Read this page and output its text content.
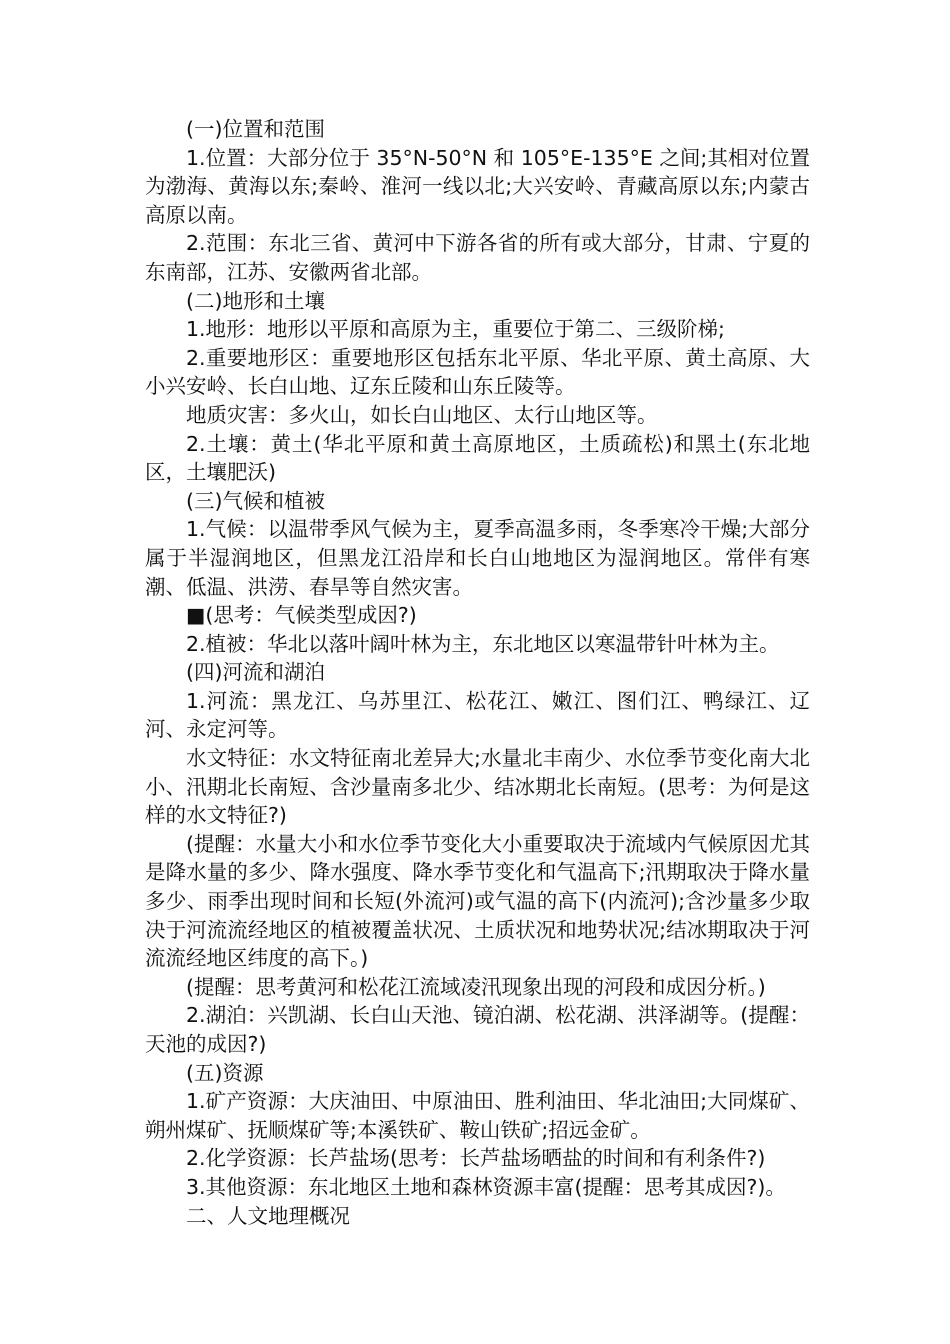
(一)位置和范围

1.位置：大部分位于 35°N-50°N 和 105°E-135°E 之间;其相对位置为渤海、黄海以东;秦岭、淮河一线以北;大兴安岭、青藏高原以东;内蒙古高原以南。

2.范围：东北三省、黄河中下游各省的所有或大部分，甘肃、宁夏的东南部，江苏、安徽两省北部。

(二)地形和土壤

1.地形：地形以平原和高原为主，重要位于第二、三级阶梯;

2.重要地形区：重要地形区包括东北平原、华北平原、黄土高原、大小兴安岭、长白山地、辽东丘陵和山东丘陵等。

地质灾害：多火山，如长白山地区、太行山地区等。

2.土壤：黄土(华北平原和黄土高原地区，土质疏松)和黑土(东北地区，土壤肥沃)

(三)气候和植被

1.气候：以温带季风气候为主，夏季高温多雨，冬季寒冷干燥;大部分属于半湿润地区，但黑龙江沿岸和长白山地地区为湿润地区。常伴有寒潮、低温、洪涝、春旱等自然灾害。

■(思考：气候类型成因?)

2.植被：华北以落叶阔叶林为主，东北地区以寒温带针叶林为主。

(四)河流和湖泊

1.河流：黑龙江、乌苏里江、松花江、嫩江、图们江、鸭绿江、辽河、永定河等。

水文特征：水文特征南北差异大;水量北丰南少、水位季节变化南大北小、汛期北长南短、含沙量南多北少、结冰期北长南短。(思考：为何是这样的水文特征?)

(提醒：水量大小和水位季节变化大小重要取决于流域内气候原因尤其是降水量的多少、降水强度、降水季节变化和气温高下;汛期取决于降水量多少、雨季出现时间和长短(外流河)或气温的高下(内流河);含沙量多少取决于河流流经地区的植被覆盖状况、土质状况和地势状况;结冰期取决于河流流经地区纬度的高下。)

(提醒：思考黄河和松花江流域凌汛现象出现的河段和成因分析。)

2.湖泊：兴凯湖、长白山天池、镜泊湖、松花湖、洪泽湖等。(提醒：天池的成因?)

(五)资源

1.矿产资源：大庆油田、中原油田、胜利油田、华北油田;大同煤矿、朔州煤矿、抚顺煤矿等;本溪铁矿、鞍山铁矿;招远金矿。

2.化学资源：长芦盐场(思考：长芦盐场晒盐的时间和有利条件?)

3.其他资源：东北地区土地和森林资源丰富(提醒：思考其成因?)。

二、人文地理概况
